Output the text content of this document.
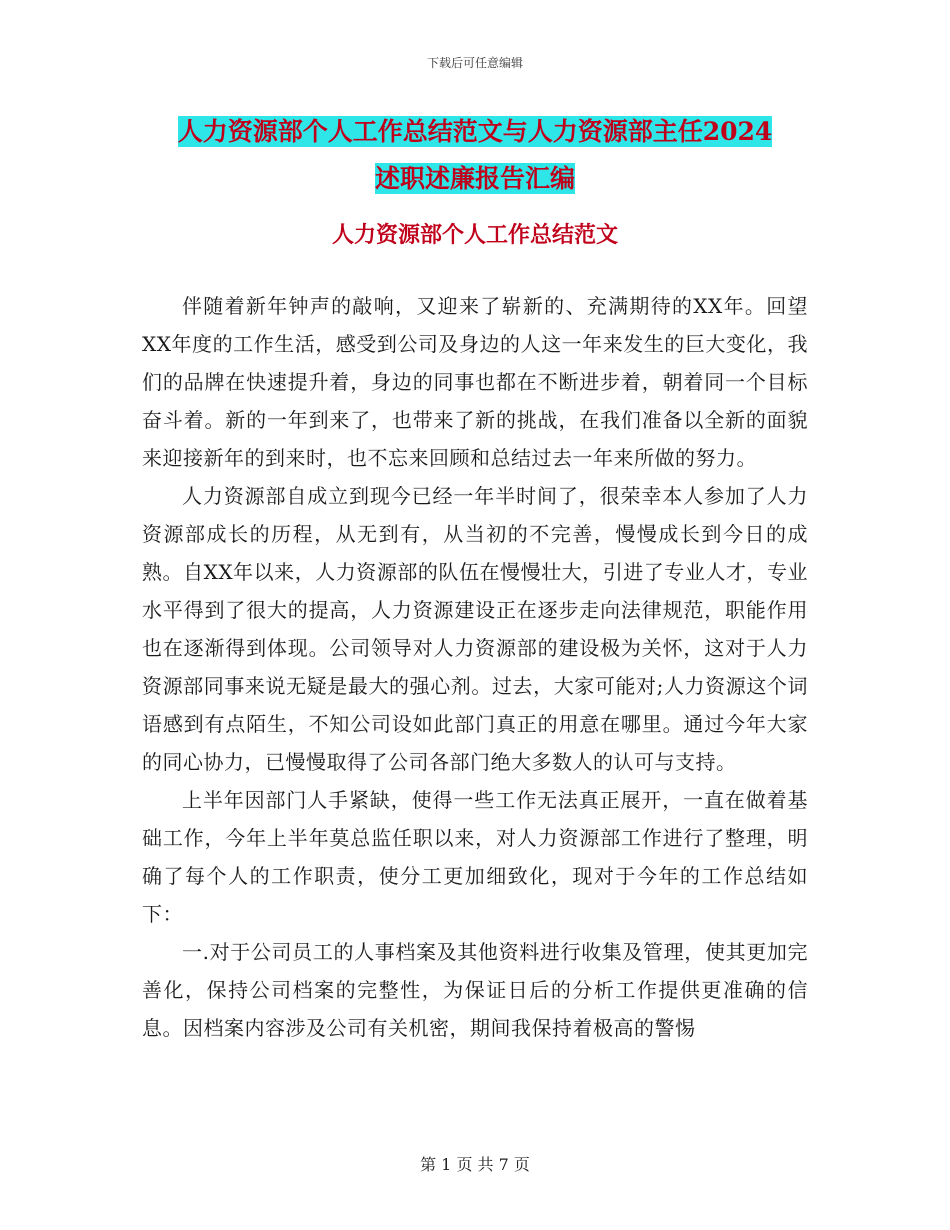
下载后可任意编辑
人力资源部个人工作总结范文与人力资源部主任2024
述职述廉报告汇编
人力资源部个人工作总结范文

伴随着新年钟声的敲响，又迎来了崭新的、充满期待的XX年。回望XX年度的工作生活，感受到公司及身边的人这一年来发生的巨大变化，我们的品牌在快速提升着，身边的同事也都在不断进步着，朝着同一个目标奋斗着。新的一年到来了，也带来了新的挑战，在我们准备以全新的面貌来迎接新年的到来时，也不忘来回顾和总结过去一年来所做的努力。

人力资源部自成立到现今已经一年半时间了，很荣幸本人参加了人力资源部成长的历程，从无到有，从当初的不完善，慢慢成长到今日的成熟。自XX年以来，人力资源部的队伍在慢慢壮大，引进了专业人才，专业水平得到了很大的提高，人力资源建设正在逐步走向法律规范，职能作用也在逐渐得到体现。公司领导对人力资源部的建设极为关怀，这对于人力资源部同事来说无疑是最大的强心剂。过去，大家可能对;人力资源这个词语感到有点陌生，不知公司设如此部门真正的用意在哪里。通过今年大家的同心协力，已慢慢取得了公司各部门绝大多数人的认可与支持。

上半年因部门人手紧缺，使得一些工作无法真正展开，一直在做着基础工作，今年上半年莫总监任职以来，对人力资源部工作进行了整理，明确了每个人的工作职责，使分工更加细致化，现对于今年的工作总结如下：

一.对于公司员工的人事档案及其他资料进行收集及管理，使其更加完善化，保持公司档案的完整性，为保证日后的分析工作提供更准确的信息。因档案内容涉及公司有关机密，期间我保持着极高的警惕

第 1 页 共 7 页
